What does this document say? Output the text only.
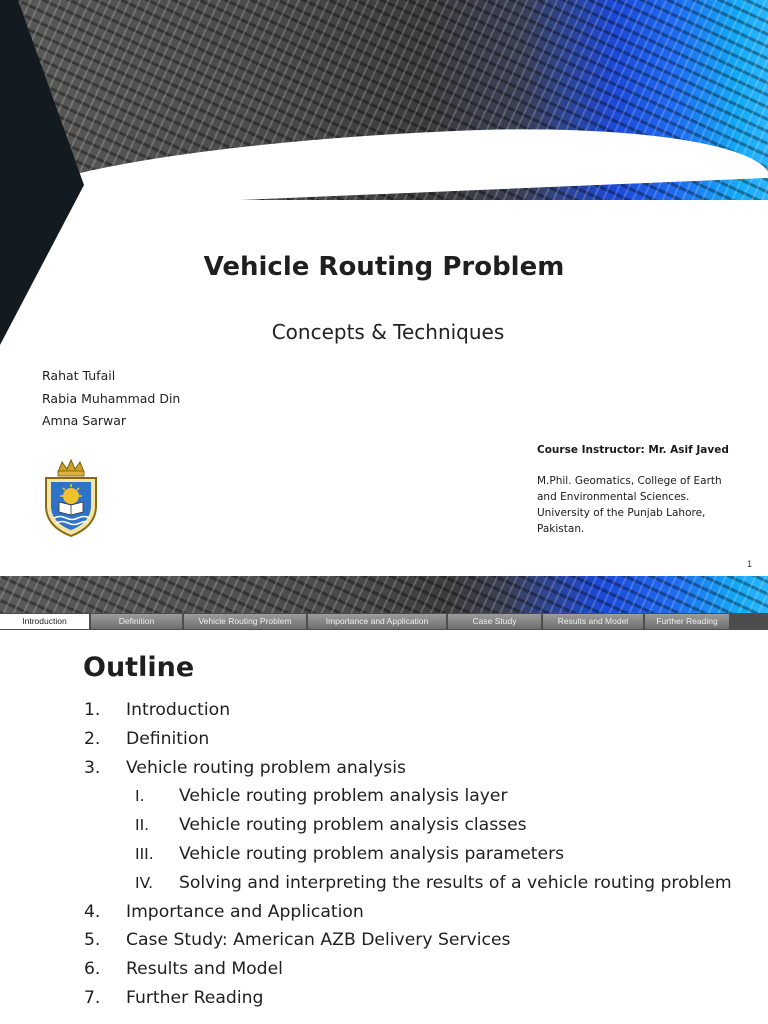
Vehicle Routing Problem
Concepts & Techniques
Rahat Tufail
Rabia Muhammad Din
Amna Sarwar
Course Instructor: Mr. Asif Javed
M.Phil. Geomatics, College of Earth
and Environmental Sciences.
University of the Punjab Lahore,
Pakistan.
1
Introduction	Definition	Vehicle Routing Problem	Importance and Application	Case Study	Results and Model	Further Reading
Outline
1.	Introduction
2.	Definition
3.	Vehicle routing problem analysis
I.	Vehicle routing problem analysis layer
II.	Vehicle routing problem analysis classes
III.	Vehicle routing problem analysis parameters
IV.	Solving and interpreting the results of a vehicle routing problem
4.	Importance and Application
5.	Case Study: American AZB Delivery Services
6.	Results and Model
7.	Further Reading
